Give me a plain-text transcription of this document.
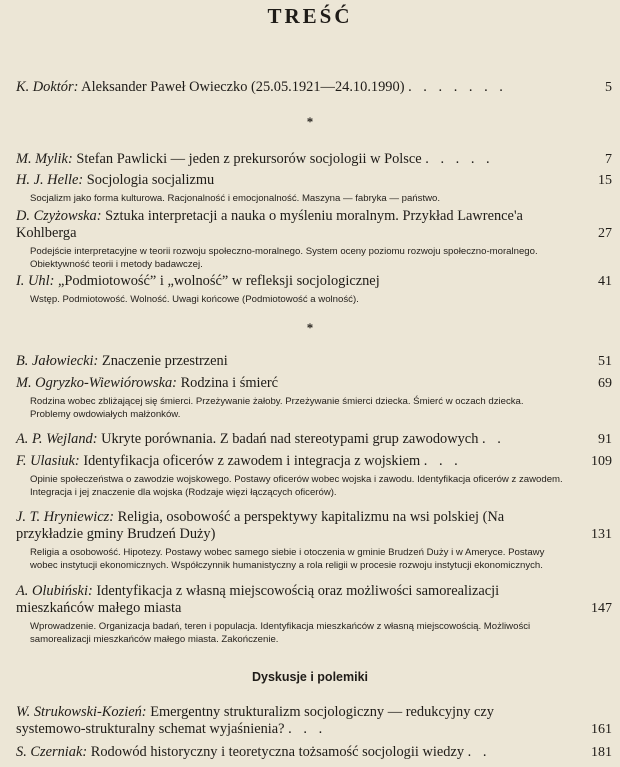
TREŚĆ
*
*
Dyskusje i polemiki
K. Doktór: Aleksander Paweł Owieczko (25.05.1921—24.10.1990) . . . . . . .	5
M. Mylik: Stefan Pawlicki — jeden z prekursorów socjologii w Polsce . . . . .	7
H. J. Helle: Socjologia socjalizmu	15
Socjalizm jako forma kulturowa. Racjonalność i emocjonalność. Maszyna — fabryka — państwo.
D. Czyżowska: Sztuka interpretacji a nauka o myśleniu moralnym. Przykład Lawrence'a Kohlberga	27
Podejście interpretacyjne w teorii rozwoju społeczno-moralnego. System oceny poziomu rozwoju społeczno-moralnego. Obiektywność teorii i metody badawczej.
I. Uhl: „Podmiotowość” i „wolność” w refleksji socjologicznej	41
Wstęp. Podmiotowość. Wolność. Uwagi końcowe (Podmiotowość a wolność).
B. Jałowiecki: Znaczenie przestrzeni	51
M. Ogryzko-Wiewiórowska: Rodzina i śmierć	69
Rodzina wobec zbliżającej się śmierci. Przeżywanie żałoby. Przeżywanie śmierci dziecka. Śmierć w oczach dziecka. Problemy owdowiałych małżonków.
A. P. Wejland: Ukryte porównania. Z badań nad stereotypami grup zawodowych . .	91
F. Ulasiuk: Identyfikacja oficerów z zawodem i integracja z wojskiem . . .	109
Opinie społeczeństwa o zawodzie wojskowego. Postawy oficerów wobec wojska i zawodu. Identyfikacja oficerów z zawodem. Integracja i jej znaczenie dla wojska (Rodzaje więzi łączących oficerów).
J. T. Hryniewicz: Religia, osobowość a perspektywy kapitalizmu na wsi polskiej (Na przykładzie gminy Brudzeń Duży)	131
Religia a osobowość. Hipotezy. Postawy wobec samego siebie i otoczenia w gminie Brudzeń Duży i w Ameryce. Postawy wobec instytucji ekonomicznych. Współczynnik humanistyczny a rola religii w procesie rozwoju instytucji ekonomicznych.
A. Olubiński: Identyfikacja z własną miejscowością oraz możliwości samorealizacji mieszkańców małego miasta	147
Wprowadzenie. Organizacja badań, teren i populacja. Identyfikacja mieszkańców z własną miejscowością. Możliwości samorealizacji mieszkańców małego miasta. Zakończenie.
W. Strukowski-Kozień: Emergentny strukturalizm socjologiczny — redukcyjny czy systemowo-strukturalny schemat wyjaśnienia? . . .	161
S. Czerniak: Rodowód historyczny i teoretyczna tożsamość socjologii wiedzy . .	181
